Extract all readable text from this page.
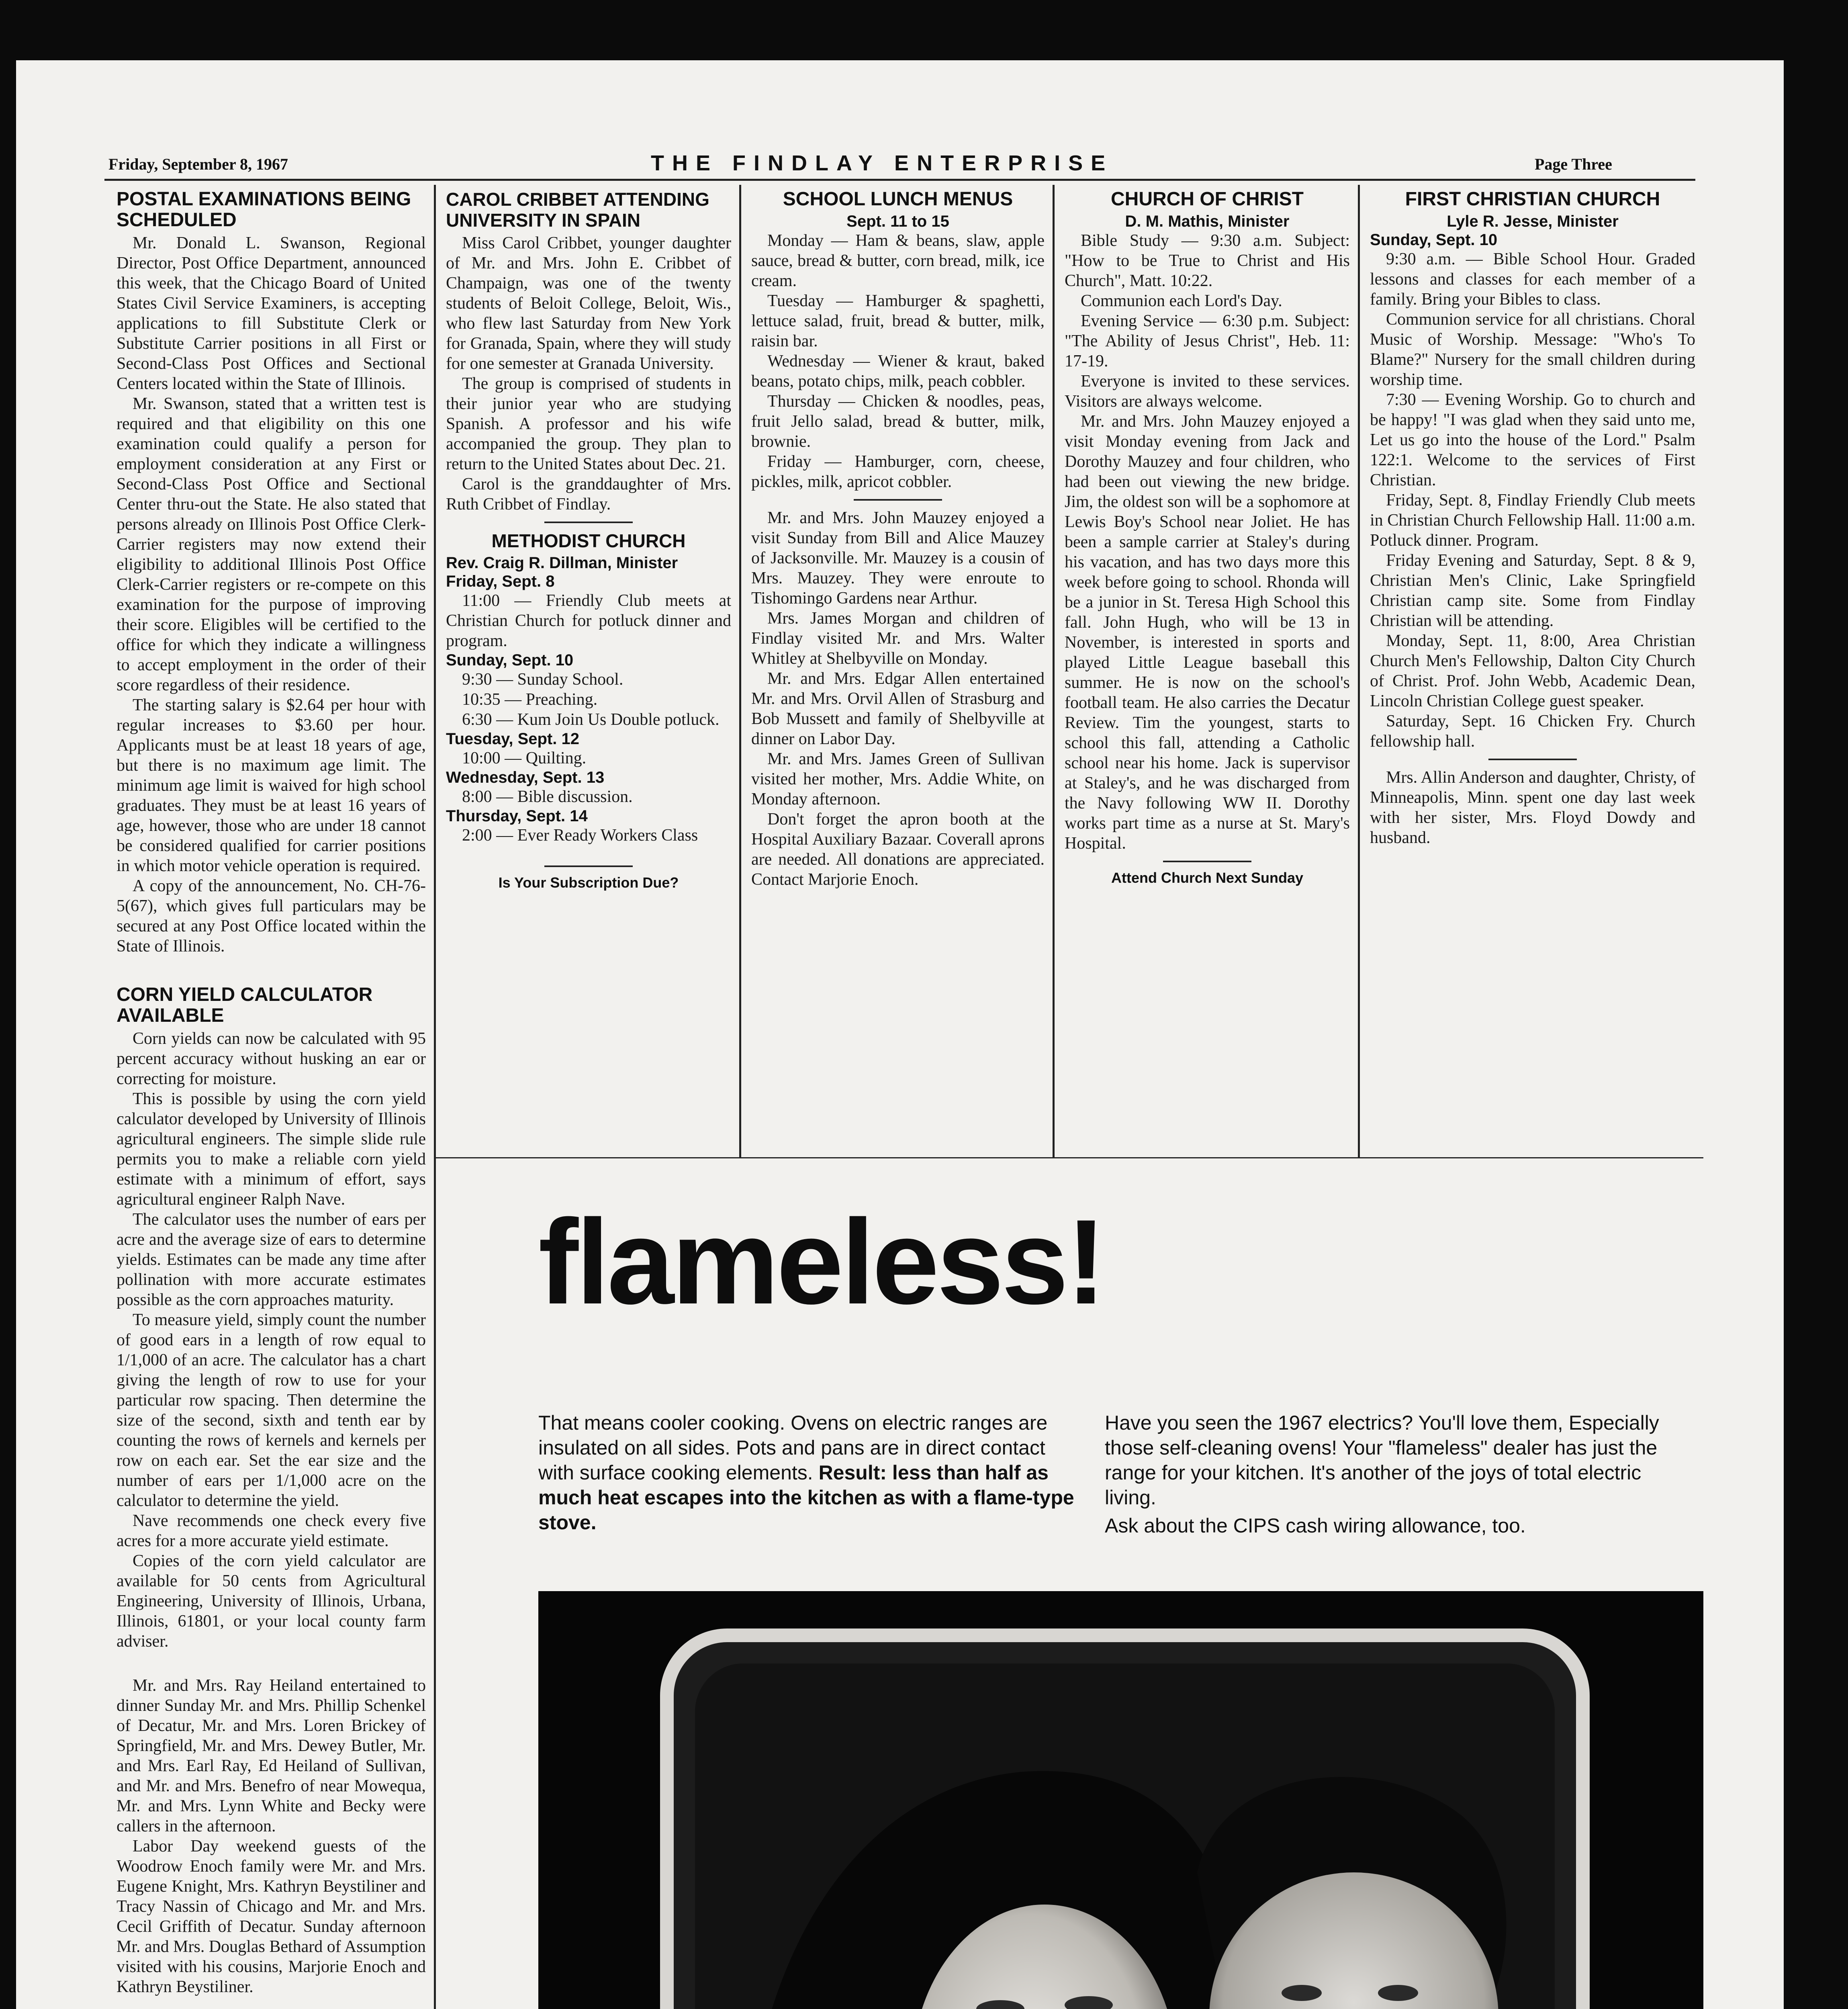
Friday, September 8, 1967	THE FINDLAY ENTERPRISE	Page Three
POSTAL EXAMINATIONS BEING SCHEDULED

Mr. Donald L. Swanson, Regional Director, Post Office Department, announced this week, that the Chicago Board of United States Civil Service Examiners, is accepting applications to fill Substitute Clerk or Substitute Carrier positions in all First or Second-Class Post Offices and Sectional Centers located within the State of Illinois.

Mr. Swanson, stated that a written test is required and that eligibility on this one examination could qualify a person for employment consideration at any First or Second-Class Post Office and Sectional Center thru-out the State. He also stated that persons already on Illinois Post Office Clerk-Carrier registers may now extend their eligibility to additional Illinois Post Office Clerk-Carrier registers or re-compete on this examination for the purpose of improving their score. Eligibles will be certified to the office for which they indicate a willingness to accept employment in the order of their score regardless of their residence.

The starting salary is $2.64 per hour with regular increases to $3.60 per hour. Applicants must be at least 18 years of age, but there is no maximum age limit. The minimum age limit is waived for high school graduates. They must be at least 16 years of age, however, those who are under 18 cannot be considered qualified for carrier positions in which motor vehicle operation is required.

A copy of the announcement, No. CH-76-5(67), which gives full particulars may be secured at any Post Office located within the State of Illinois.

CORN YIELD CALCULATOR AVAILABLE

Corn yields can now be calculated with 95 percent accuracy without husking an ear or correcting for moisture.

This is possible by using the corn yield calculator developed by University of Illinois agricultural engineers. The simple slide rule permits you to make a reliable corn yield estimate with a minimum of effort, says agricultural engineer Ralph Nave.

The calculator uses the number of ears per acre and the average size of ears to determine yields. Estimates can be made any time after pollination with more accurate estimates possible as the corn approaches maturity.

To measure yield, simply count the number of good ears in a length of row equal to 1/1,000 of an acre. The calculator has a chart giving the length of row to use for your particular row spacing. Then determine the size of the second, sixth and tenth ear by counting the rows of kernels and kernels per row on each ear. Set the ear size and the number of ears per 1/1,000 acre on the calculator to determine the yield.

Nave recommends one check every five acres for a more accurate yield estimate.

Copies of the corn yield calculator are available for 50 cents from Agricultural Engineering, University of Illinois, Urbana, Illinois, 61801, or your local county farm adviser.

Mr. and Mrs. Ray Heiland entertained to dinner Sunday Mr. and Mrs. Phillip Schenkel of Decatur, Mr. and Mrs. Loren Brickey of Springfield, Mr. and Mrs. Dewey Butler, Mr. and Mrs. Earl Ray, Ed Heiland of Sullivan, and Mr. and Mrs. Benefro of near Mowequa, Mr. and Mrs. Lynn White and Becky were callers in the afternoon.

Labor Day weekend guests of the Woodrow Enoch family were Mr. and Mrs. Eugene Knight, Mrs. Kathryn Beystiliner and Tracy Nassin of Chicago and Mr. and Mrs. Cecil Griffith of Decatur. Sunday afternoon Mr. and Mrs. Douglas Bethard of Assumption visited with his cousins, Marjorie Enoch and Kathryn Beystiliner.

CAROL CRIBBET ATTENDING UNIVERSITY IN SPAIN

Miss Carol Cribbet, younger daughter of Mr. and Mrs. John E. Cribbet of Champaign, was one of the twenty students of Beloit College, Beloit, Wis., who flew last Saturday from New York for Granada, Spain, where they will study for one semester at Granada University.

The group is comprised of students in their junior year who are studying Spanish. A professor and his wife accompanied the group. They plan to return to the United States about Dec. 21.

Carol is the granddaughter of Mrs. Ruth Cribbet of Findlay.

METHODIST CHURCH
Rev. Craig R. Dillman, Minister
Friday, Sept. 8

11:00 — Friendly Club meets at Christian Church for potluck dinner and program.

Sunday, Sept. 10

9:30 — Sunday School.

10:35 — Preaching.

6:30 — Kum Join Us Double potluck.

Tuesday, Sept. 12

10:00 — Quilting.

Wednesday, Sept. 13

8:00 — Bible discussion.

Thursday, Sept. 14

2:00 — Ever Ready Workers Class

Is Your Subscription Due?
SCHOOL LUNCH MENUS
Sept. 11 to 15

Monday — Ham & beans, slaw, apple sauce, bread & butter, corn bread, milk, ice cream.

Tuesday — Hamburger & spaghetti, lettuce salad, fruit, bread & butter, milk, raisin bar.

Wednesday — Wiener & kraut, baked beans, potato chips, milk, peach cobbler.

Thursday — Chicken & noodles, peas, fruit Jello salad, bread & butter, milk, brownie.

Friday — Hamburger, corn, cheese, pickles, milk, apricot cobbler.

Mr. and Mrs. John Mauzey enjoyed a visit Sunday from Bill and Alice Mauzey of Jacksonville. Mr. Mauzey is a cousin of Mrs. Mauzey. They were enroute to Tishomingo Gardens near Arthur.

Mrs. James Morgan and children of Findlay visited Mr. and Mrs. Walter Whitley at Shelbyville on Monday.

Mr. and Mrs. Edgar Allen entertained Mr. and Mrs. Orvil Allen of Strasburg and Bob Mussett and family of Shelbyville at dinner on Labor Day.

Mr. and Mrs. James Green of Sullivan visited her mother, Mrs. Addie White, on Monday afternoon.

Don't forget the apron booth at the Hospital Auxiliary Bazaar. Coverall aprons are needed. All donations are appreciated. Contact Marjorie Enoch.

CHURCH OF CHRIST
D. M. Mathis, Minister

Bible Study — 9:30 a.m. Subject: "How to be True to Christ and His Church", Matt. 10:22.

Communion each Lord's Day.

Evening Service — 6:30 p.m. Subject: "The Ability of Jesus Christ", Heb. 11: 17-19.

Everyone is invited to these services. Visitors are always welcome.

Mr. and Mrs. John Mauzey enjoyed a visit Monday evening from Jack and Dorothy Mauzey and four children, who had been out viewing the new bridge. Jim, the oldest son will be a sophomore at Lewis Boy's School near Joliet. He has been a sample carrier at Staley's during his vacation, and has two days more this week before going to school. Rhonda will be a junior in St. Teresa High School this fall. John Hugh, who will be 13 in November, is interested in sports and played Little League baseball this summer. He is now on the school's football team. He also carries the Decatur Review. Tim the youngest, starts to school this fall, attending a Catholic school near his home. Jack is supervisor at Staley's, and he was discharged from the Navy following WW II. Dorothy works part time as a nurse at St. Mary's Hospital.

Attend Church Next Sunday
FIRST CHRISTIAN CHURCH
Lyle R. Jesse, Minister
Sunday, Sept. 10

9:30 a.m. — Bible School Hour. Graded lessons and classes for each member of a family. Bring your Bibles to class.

Communion service for all christians. Choral Music of Worship. Message: "Who's To Blame?" Nursery for the small children during worship time.

7:30 — Evening Worship. Go to church and be happy! "I was glad when they said unto me, Let us go into the house of the Lord." Psalm 122:1. Welcome to the services of First Christian.

Friday, Sept. 8, Findlay Friendly Club meets in Christian Church Fellowship Hall. 11:00 a.m. Potluck dinner. Program.

Friday Evening and Saturday, Sept. 8 & 9, Christian Men's Clinic, Lake Springfield Christian camp site. Some from Findlay Christian will be attending.

Monday, Sept. 11, 8:00, Area Christian Church Men's Fellowship, Dalton City Church of Christ. Prof. John Webb, Academic Dean, Lincoln Christian College guest speaker.

Saturday, Sept. 16 Chicken Fry. Church fellowship hall.

Mrs. Allin Anderson and daughter, Christy, of Minneapolis, Minn. spent one day last week with her sister, Mrs. Floyd Dowdy and husband.

flameless!
That means cooler cooking. Ovens on electric ranges are insulated on all sides. Pots and pans are in direct contact with surface cooking elements. Result: less than half as much heat escapes into the kitchen as with a flame-type stove.
Have you seen the 1967 electrics? You'll love them, Especially those self-cleaning ovens! Your "flameless" dealer has just the range for your kitchen. It's another of the joys of total electric living.
Ask about the CIPS cash wiring allowance, too.
